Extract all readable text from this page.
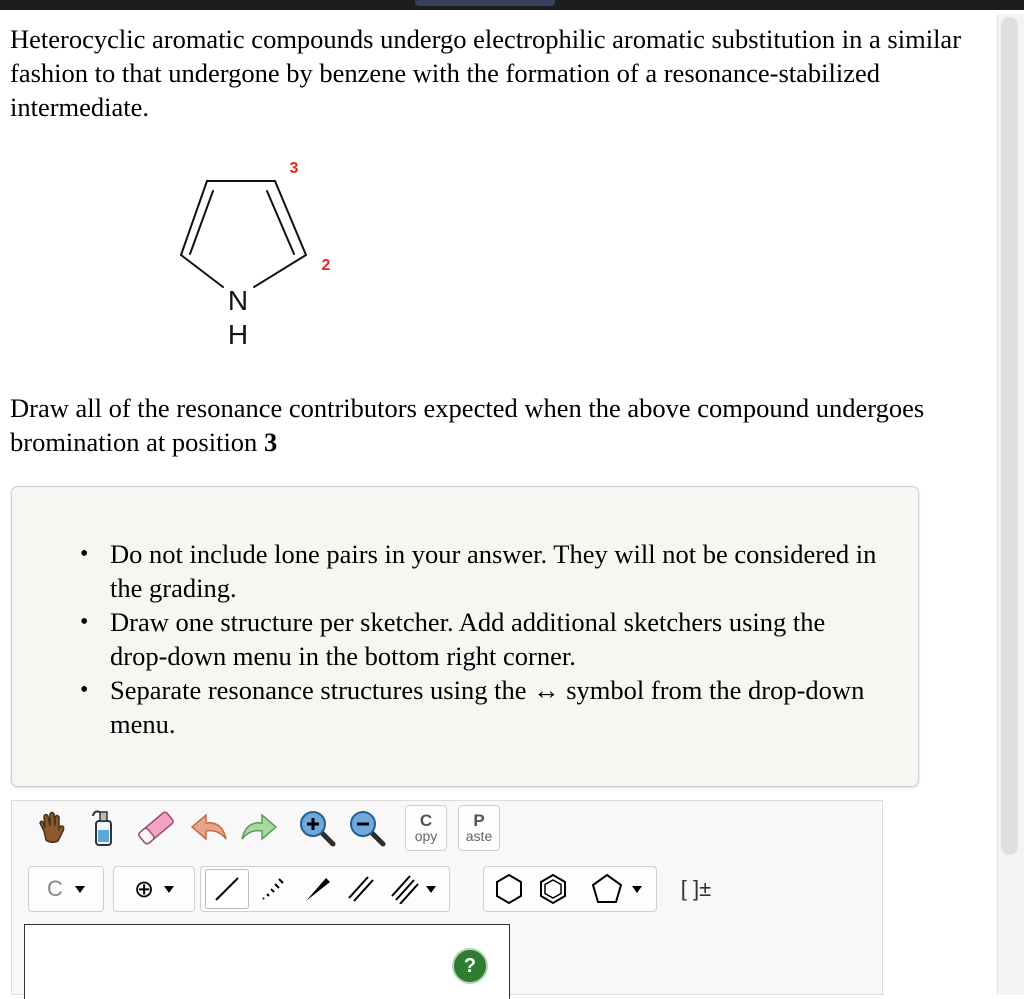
Heterocyclic aromatic compounds undergo electrophilic aromatic substitution in a similar fashion to that undergone by benzene with the formation of a resonance-stabilized intermediate.

N
H
3
2

Draw all of the resonance contributors expected when the above compound undergoes bromination at position 3

• Do not include lone pairs in your answer. They will not be considered in the grading.
• Draw one structure per sketcher. Add additional sketchers using the drop-down menu in the bottom right corner.
• Separate resonance structures using the ↔ symbol from the drop-down menu.
C
opy
P
aste
C	⊕	[ ]±
?
